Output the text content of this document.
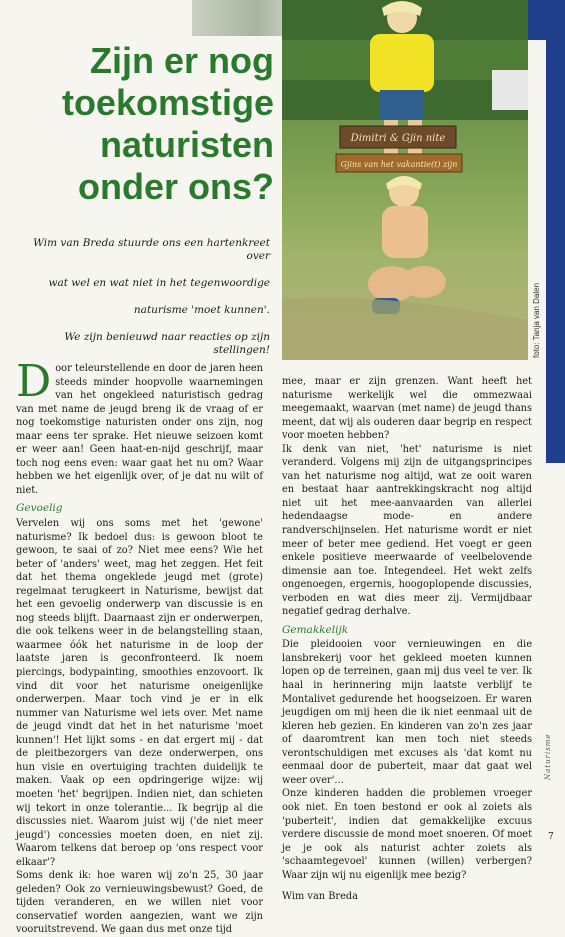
Zijn er nog
toekomstige
naturisten
onder ons?
Dimitri & Gjin nite
Gjins van het vakantie(t) zijn
foto: Tanja van Dalen

Wim van Breda stuurde ons een hartenkreet over

wat wel en wat niet in het tegenwoordige

naturisme 'moet kunnen'.

We zijn benieuwd naar reacties op zijn stellingen!

Door teleurstellende en door de jaren heen steeds minder hoopvolle waarnemingen van het ongekleed naturistisch gedrag van met name de jeugd breng ik de vraag of er nog toekomstige naturisten onder ons zijn, nog maar eens ter sprake. Het nieuwe seizoen komt er weer aan! Geen haat-en-nijd geschrijf, maar toch nog eens even: waar gaat het nu om? Waar hebben we het eigenlijk over, of je dat nu wilt of niet.

Gevoelig

Vervelen wij ons soms met het 'gewone' naturisme? Ik bedoel dus: is gewoon bloot te gewoon, te saai of zo? Niet mee eens? Wie het beter of 'anders' weet, mag het zeggen. Het feit dat het thema ongeklede jeugd met (grote) regelmaat terugkeert in Naturisme, bewijst dat het een gevoelig onderwerp van discussie is en nog steeds blijft. Daarnaast zijn er onderwerpen, die ook telkens weer in de belangstelling staan, waarmee óók het naturisme in de loop der laatste jaren is geconfronteerd. Ik noem piercings, bodypainting, smoothies enzovoort. Ik vind dit voor het naturisme oneigenlijke onderwerpen. Maar toch vind je er in elk nummer van Naturisme wel iets over. Met name de jeugd vindt dat het in het naturisme 'moet kunnen'! Het lijkt soms - en dat ergert mij - dat de pleitbezorgers van deze onderwerpen, ons hun visie en overtuiging trachten duidelijk te maken. Vaak op een opdringerige wijze: wij moeten 'het' begrijpen. Indien niet, dan schieten wij tekort in onze tolerantie... Ik begrijp al die discussies niet. Waarom juist wij ('de niet meer jeugd') concessies moeten doen, en niet zij. Waarom telkens dat beroep op 'ons respect voor elkaar'?

Soms denk ik: hoe waren wij zo'n 25, 30 jaar geleden? Ook zo vernieuwingsbewust? Goed, de tijden veranderen, en we willen niet voor conservatief worden aangezien, want we zijn vooruitstrevend. We gaan dus met onze tijd

mee, maar er zijn grenzen. Want heeft het naturisme werkelijk wel die ommezwaai meegemaakt, waarvan (met name) de jeugd thans meent, dat wij als ouderen daar begrip en respect voor moeten hebben?

Ik denk van niet, 'het' naturisme is niet veranderd. Volgens mij zijn de uitgangsprincipes van het naturisme nog altijd, wat ze ooit waren en bestaat haar aantrekkingskracht nog altijd niet uit het mee-aanvaarden van allerlei hedendaagse mode- en andere randverschijnselen. Het naturisme wordt er niet meer of beter mee gediend. Het voegt er geen enkele positieve meerwaarde of veelbelovende dimensie aan toe. Integendeel. Het wekt zelfs ongenoegen, ergernis, hoogoplopende discussies, verboden en wat dies meer zij. Vermijdbaar negatief gedrag derhalve.

Gemakkelijk

Die pleidooien voor vernieuwingen en die lansbrekerij voor het gekleed moeten kunnen lopen op de terreinen, gaan mij dus veel te ver. Ik haal in herinnering mijn laatste verblijf te Montalivet gedurende het hoogseizoen. Er waren jeugdigen om mij heen die ik niet eenmaal uit de kleren heb gezien. En kinderen van zo'n zes jaar of daaromtrent kan men toch niet steeds verontschuldigen met excuses als 'dat komt nu eenmaal door de puberteit, maar dat gaat wel weer over'...

Onze kinderen hadden die problemen vroeger ook niet. En toen bestond er ook al zoiets als 'puberteit', indien dat gemakkelijke excuus verdere discussie de mond moet snoeren. Of moet je je ook als naturist achter zoiets als 'schaamtegevoel' kunnen (willen) verbergen? Waar zijn wij nu eigenlijk mee bezig?

Wim van Breda

Naturisme
7
